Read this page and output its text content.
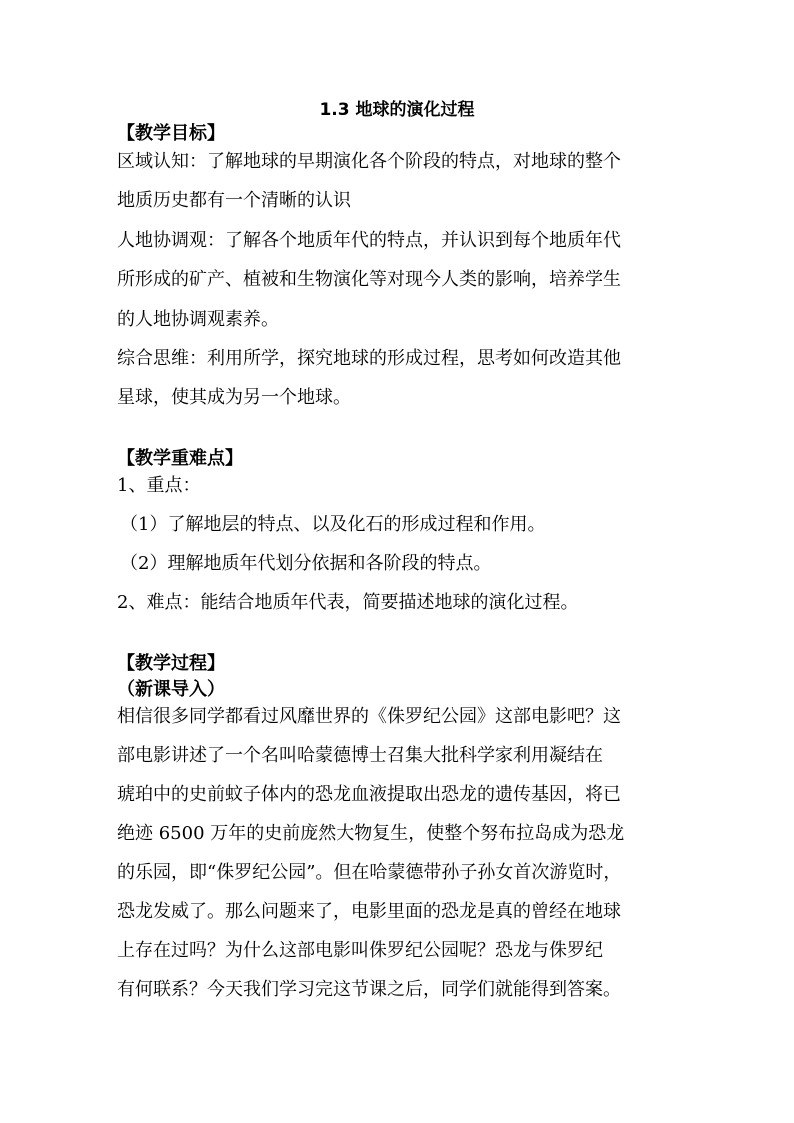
1.3 地球的演化过程
【教学目标】
区域认知：了解地球的早期演化各个阶段的特点，对地球的整个
地质历史都有一个清晰的认识
人地协调观：了解各个地质年代的特点，并认识到每个地质年代
所形成的矿产、植被和生物演化等对现今人类的影响，培养学生
的人地协调观素养。
综合思维：利用所学，探究地球的形成过程，思考如何改造其他
星球，使其成为另一个地球。
【教学重难点】
1、重点：
（1）了解地层的特点、以及化石的形成过程和作用。
（2）理解地质年代划分依据和各阶段的特点。
2、难点：能结合地质年代表，简要描述地球的演化过程。
【教学过程】
（新课导入）
相信很多同学都看过风靡世界的《侏罗纪公园》这部电影吧？这
部电影讲述了一个名叫哈蒙德博士召集大批科学家利用凝结在
琥珀中的史前蚊子体内的恐龙血液提取出恐龙的遗传基因，将已
绝迹 6500 万年的史前庞然大物复生，使整个努布拉岛成为恐龙
的乐园，即“侏罗纪公园”。但在哈蒙德带孙子孙女首次游览时，
恐龙发威了。那么问题来了，电影里面的恐龙是真的曾经在地球
上存在过吗？为什么这部电影叫侏罗纪公园呢？恐龙与侏罗纪
有何联系？今天我们学习完这节课之后，同学们就能得到答案。
